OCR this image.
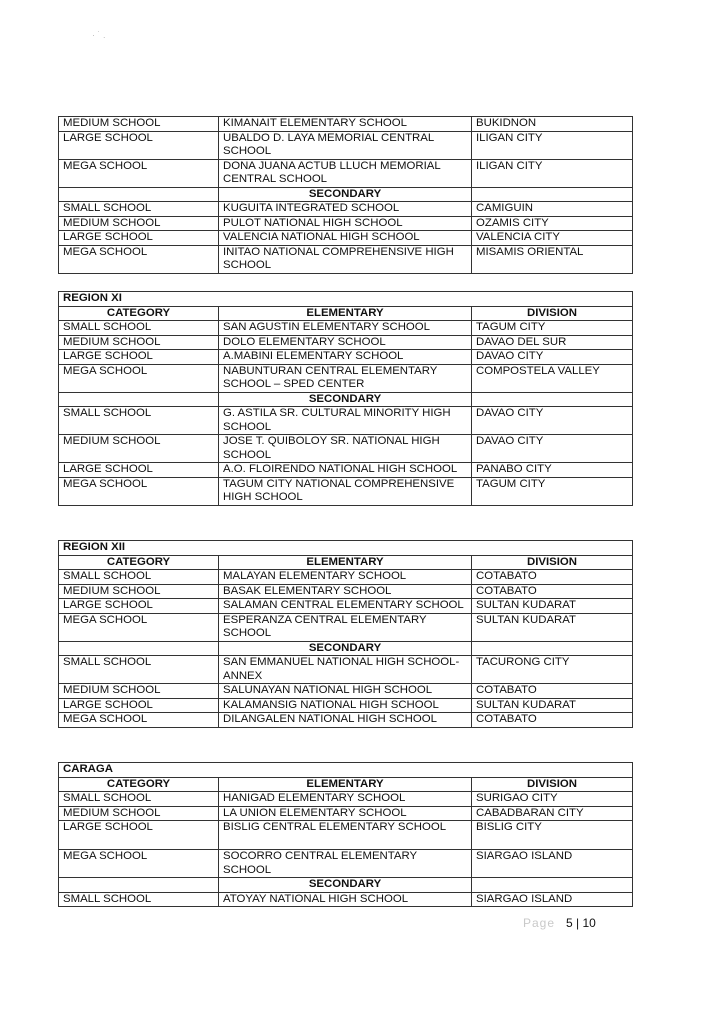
· ˙ .
MEDIUM SCHOOL	KIMANAIT ELEMENTARY SCHOOL	BUKIDNON
LARGE SCHOOL	UBALDO D. LAYA MEMORIAL CENTRAL SCHOOL	ILIGAN CITY
MEGA SCHOOL	DONA JUANA ACTUB LLUCH MEMORIAL CENTRAL SCHOOL	ILIGAN CITY
	SECONDARY	
SMALL SCHOOL	KUGUITA INTEGRATED SCHOOL	CAMIGUIN
MEDIUM SCHOOL	PULOT NATIONAL HIGH SCHOOL	OZAMIS CITY
LARGE SCHOOL	VALENCIA NATIONAL HIGH SCHOOL	VALENCIA CITY
MEGA SCHOOL	INITAO NATIONAL COMPREHENSIVE HIGH SCHOOL	MISAMIS ORIENTAL
REGION XI		
CATEGORY	ELEMENTARY	DIVISION
SMALL SCHOOL	SAN AGUSTIN ELEMENTARY SCHOOL	TAGUM CITY
MEDIUM SCHOOL	DOLO ELEMENTARY SCHOOL	DAVAO DEL SUR
LARGE SCHOOL	A.MABINI ELEMENTARY SCHOOL	DAVAO CITY
MEGA SCHOOL	NABUNTURAN CENTRAL ELEMENTARY SCHOOL – SPED CENTER	COMPOSTELA VALLEY
	SECONDARY	
SMALL SCHOOL	G. ASTILA SR. CULTURAL MINORITY HIGH SCHOOL	DAVAO CITY
MEDIUM SCHOOL	JOSE T. QUIBOLOY SR. NATIONAL HIGH SCHOOL	DAVAO CITY
LARGE SCHOOL	A.O. FLOIRENDO NATIONAL HIGH SCHOOL	PANABO CITY
MEGA SCHOOL	TAGUM CITY NATIONAL COMPREHENSIVE HIGH SCHOOL	TAGUM CITY
REGION XII		
CATEGORY	ELEMENTARY	DIVISION
SMALL SCHOOL	MALAYAN ELEMENTARY SCHOOL	COTABATO
MEDIUM SCHOOL	BASAK ELEMENTARY SCHOOL	COTABATO
LARGE SCHOOL	SALAMAN CENTRAL ELEMENTARY SCHOOL	SULTAN KUDARAT
MEGA SCHOOL	ESPERANZA CENTRAL ELEMENTARY SCHOOL	SULTAN KUDARAT
	SECONDARY	
SMALL SCHOOL	SAN EMMANUEL NATIONAL HIGH SCHOOL-ANNEX	TACURONG CITY
MEDIUM SCHOOL	SALUNAYAN NATIONAL HIGH SCHOOL	COTABATO
LARGE SCHOOL	KALAMANSIG NATIONAL HIGH SCHOOL	SULTAN KUDARAT
MEGA SCHOOL	DILANGALEN NATIONAL HIGH SCHOOL	COTABATO
CARAGA		
CATEGORY	ELEMENTARY	DIVISION
SMALL SCHOOL	HANIGAD ELEMENTARY SCHOOL	SURIGAO CITY
MEDIUM SCHOOL	LA UNION ELEMENTARY SCHOOL	CABADBARAN CITY
LARGE SCHOOL	BISLIG CENTRAL ELEMENTARY SCHOOL	BISLIG CITY
MEGA SCHOOL	SOCORRO CENTRAL ELEMENTARY SCHOOL	SIARGAO ISLAND
	SECONDARY	
SMALL SCHOOL	ATOYAY NATIONAL HIGH SCHOOL	SIARGAO ISLAND
Page 5 | 10
